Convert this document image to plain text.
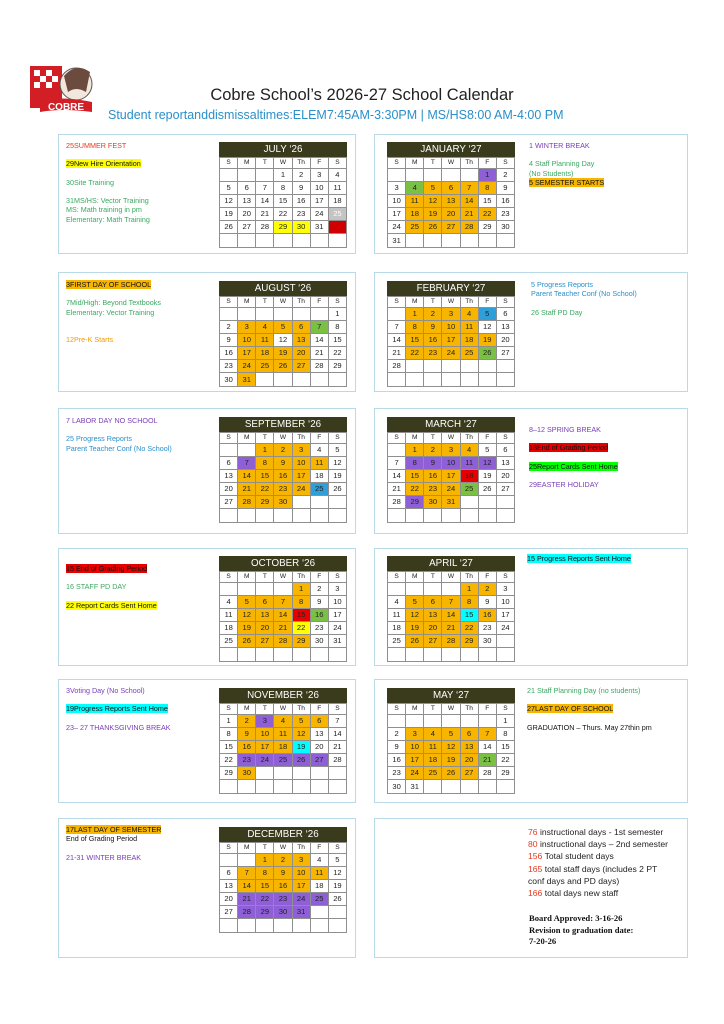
COBRE
Cobre School’s 2026-27 School Calendar
Student reportanddismissaltimes:ELEM7:45AM-3:30PM | MS/HS8:00 AM-4:00 PM
25SUMMER FEST
29New Hire Orientation
30Site Training
31MS/HS: Vector Training
MS: Math training in pm
Elementary: Math Training
3FIRST DAY OF SCHOOL
7Mid/High: Beyond Textbooks
Elementary: Vector Training
12Pre-K Starts
7 LABOR DAY NO SCHOOL
25 Progress Reports
Parent Teacher Conf (No School)
15 End of Grading Period
16 STAFF PD DAY
22 Report Cards Sent Home
3Voting Day (No School)
19Progress Reports Sent Home
23– 27 THANKSGIVING BREAK
17LAST DAY OF SEMESTER
End of Grading Period
21-31 WINTER BREAK
1 WINTER BREAK
4 Staff Planning Day
(No Students)
5 SEMESTER STARTS
5 Progress Reports
Parent Teacher Conf (No School)
26 Staff PD Day
8–12 SPRING BREAK
18End of Grading Period
25Report Cards Sent Home
29EASTER HOLIDAY
15 Progress Reports Sent Home
21 Staff Planning Day (no students)
27LAST DAY OF SCHOOL
GRADUATION – Thurs. May 27thin pm
JULY ‘26
S	M	T	W	Th	F	S
			1	2	3	4
5	6	7	8	9	10	11
12	13	14	15	16	17	18
19	20	21	22	23	24	25
26	27	28	29	30	31	

AUGUST ‘26
S	M	T	W	Th	F	S
						1
2	3	4	5	6	7	8
9	10	11	12	13	14	15
16	17	18	19	20	21	22
23	24	25	26	27	28	29
30	31					
SEPTEMBER ‘26
S	M	T	W	Th	F	S
		1	2	3	4	5
6	7	8	9	10	11	12
13	14	15	16	17	18	19
20	21	22	23	24	25	26
27	28	29	30			

OCTOBER ‘26
S	M	T	W	Th	F	S
				1	2	3
4	5	6	7	8	9	10
11	12	13	14	15	16	17
18	19	20	21	22	23	24
25	26	27	28	29	30	31

NOVEMBER ‘26
S	M	T	W	Th	F	S
1	2	3	4	5	6	7
8	9	10	11	12	13	14
15	16	17	18	19	20	21
22	23	24	25	26	27	28
29	30					

DECEMBER ‘26
S	M	T	W	Th	F	S
		1	2	3	4	5
6	7	8	9	10	11	12
13	14	15	16	17	18	19
20	21	22	23	24	25	26
27	28	29	30	31		

JANUARY ‘27
S	M	T	W	Th	F	S
					1	2
3	4	5	6	7	8	9
10	11	12	13	14	15	16
17	18	19	20	21	22	23
24	25	26	27	28	29	30
31						
FEBRUARY ‘27
S	M	T	W	Th	F	S
	1	2	3	4	5	6
7	8	9	10	11	12	13
14	15	16	17	18	19	20
21	22	23	24	25	26	27
28						

MARCH ‘27
S	M	T	W	Th	F	S
	1	2	3	4	5	6
7	8	9	10	11	12	13
14	15	16	17	18	19	20
21	22	23	24	25	26	27
28	29	30	31			

APRIL ‘27
S	M	T	W	Th	F	S
				1	2	3
4	5	6	7	8	9	10
11	12	13	14	15	16	17
18	19	20	21	22	23	24
25	26	27	28	29	30	

MAY ‘27
S	M	T	W	Th	F	S
						1
2	3	4	5	6	7	8
9	10	11	12	13	14	15
16	17	18	19	20	21	22
23	24	25	26	27	28	29
30	31					
76 instructional days - 1st semester
80 instructional days – 2nd semester
156 Total student days
165 total staff days (includes 2 PT
conf days and PD days)
166 total days new staff
Board Approved: 3-16-26
Revision to graduation date:
7-20-26
